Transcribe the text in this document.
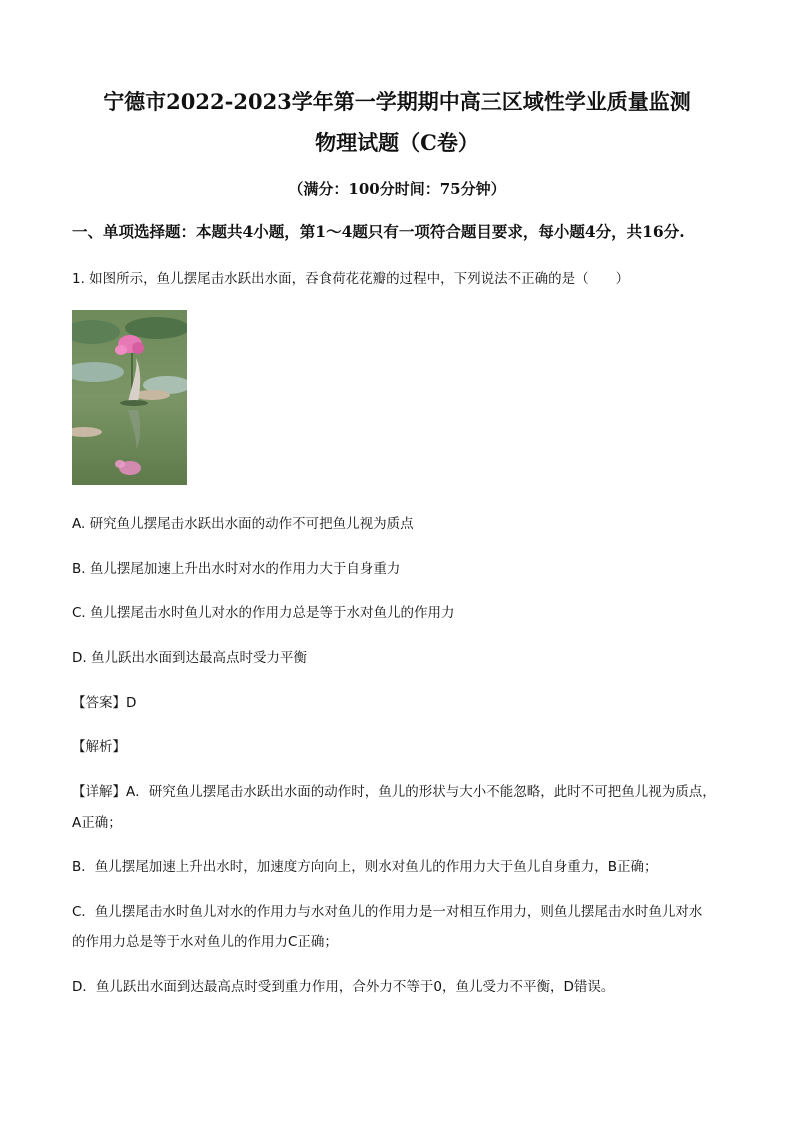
宁德市2022-2023学年第一学期期中高三区域性学业质量监测
物理试题（C卷）
（满分：100分时间：75分钟）
一、单项选择题：本题共4小题，第1～4题只有一项符合题目要求，每小题4分，共16分.
1. 如图所示，鱼儿摆尾击水跃出水面，吞食荷花花瓣的过程中，下列说法不正确的是（　　）
A. 研究鱼儿摆尾击水跃出水面的动作不可把鱼儿视为质点
B. 鱼儿摆尾加速上升出水时对水的作用力大于自身重力
C. 鱼儿摆尾击水时鱼儿对水的作用力总是等于水对鱼儿的作用力
D. 鱼儿跃出水面到达最高点时受力平衡
【答案】D
【解析】
【详解】A．研究鱼儿摆尾击水跃出水面的动作时，鱼儿的形状与大小不能忽略，此时不可把鱼儿视为质点，
A正确；
B．鱼儿摆尾加速上升出水时，加速度方向向上，则水对鱼儿的作用力大于鱼儿自身重力，B正确；
C．鱼儿摆尾击水时鱼儿对水的作用力与水对鱼儿的作用力是一对相互作用力，则鱼儿摆尾击水时鱼儿对水
的作用力总是等于水对鱼儿的作用力C正确；
D．鱼儿跃出水面到达最高点时受到重力作用，合外力不等于0，鱼儿受力不平衡，D错误。
